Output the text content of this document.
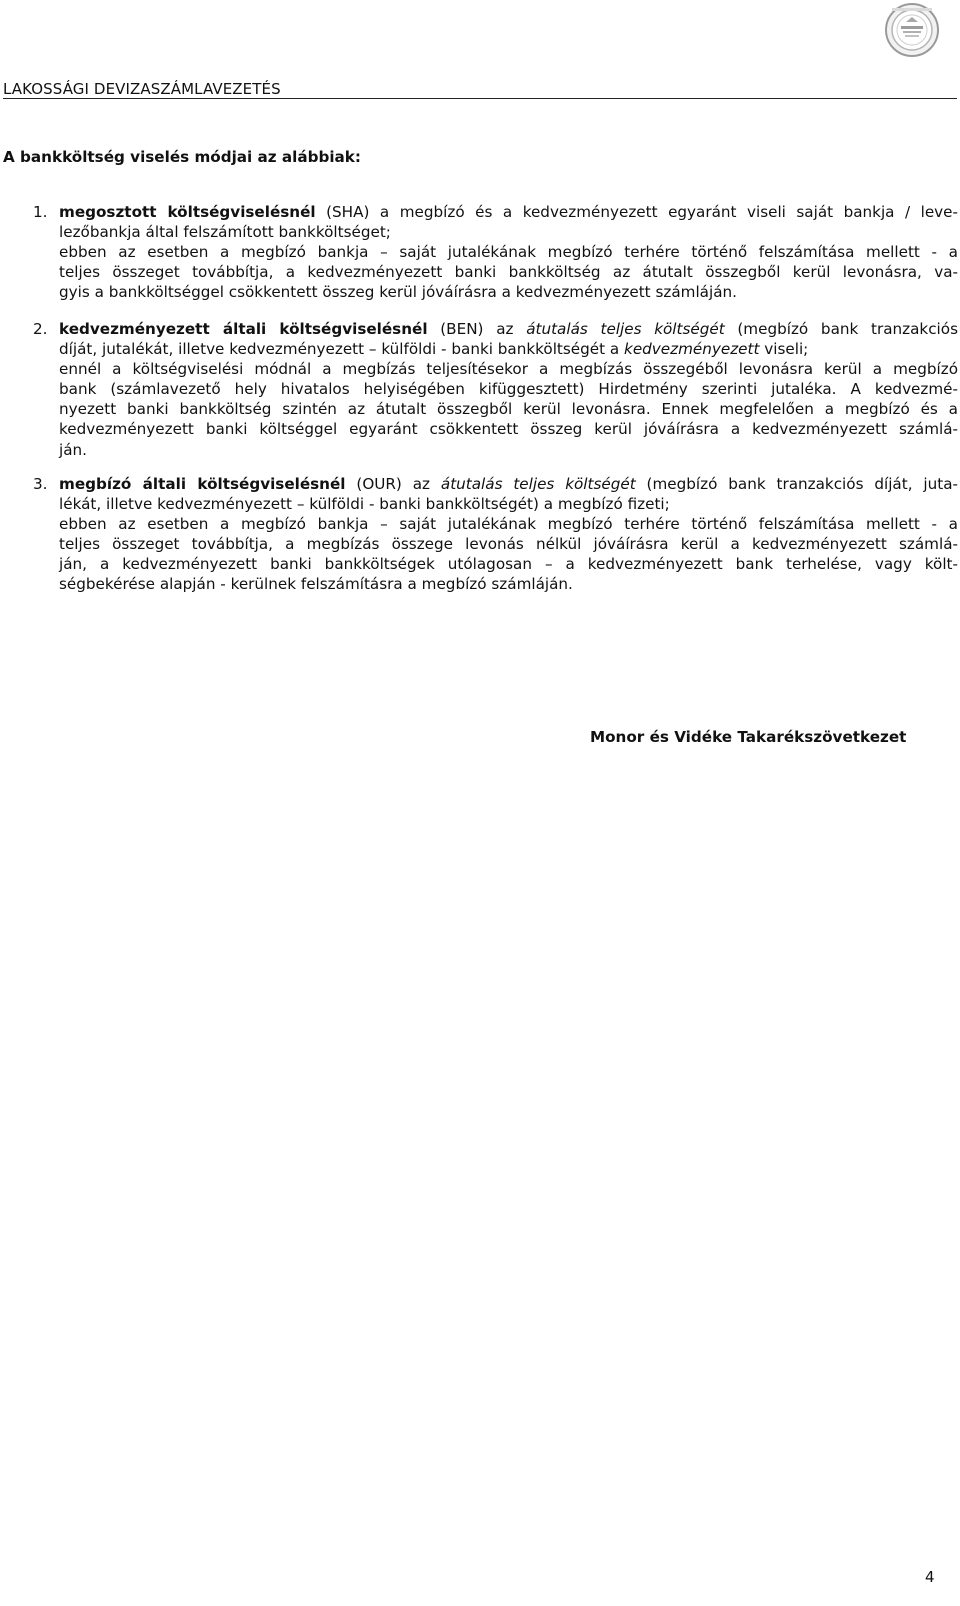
LAKOSSÁGI DEVIZASZÁMLAVEZETÉS
A bankköltség viselés módjai az alábbiak:
1. megosztott költségviselésnél (SHA) a megbízó és a kedvezményezett egyaránt viseli saját bankja / leve-
lezőbankja által felszámított bankköltséget;
ebben az esetben a megbízó bankja – saját jutalékának megbízó terhére történő felszámítása mellett - a
teljes összeget továbbítja, a kedvezményezett banki bankköltség az átutalt összegből kerül levonásra, va-
gyis a bankköltséggel csökkentett összeg kerül jóváírásra a kedvezményezett számláján.
2. kedvezményezett általi költségviselésnél (BEN) az átutalás teljes költségét (megbízó bank tranzakciós
díját, jutalékát, illetve kedvezményezett – külföldi - banki bankköltségét a kedvezményezett viseli;
ennél a költségviselési módnál a megbízás teljesítésekor a megbízás összegéből levonásra kerül a megbízó
bank (számlavezető hely hivatalos helyiségében kifüggesztett) Hirdetmény szerinti jutaléka. A kedvezmé-
nyezett banki bankköltség szintén az átutalt összegből kerül levonásra. Ennek megfelelően a megbízó és a
kedvezményezett banki költséggel egyaránt csökkentett összeg kerül jóváírásra a kedvezményezett számlá-
ján.
3. megbízó általi költségviselésnél (OUR) az átutalás teljes költségét (megbízó bank tranzakciós díját, juta-
lékát, illetve kedvezményezett – külföldi - banki bankköltségét) a megbízó fizeti;
ebben az esetben a megbízó bankja – saját jutalékának megbízó terhére történő felszámítása mellett - a
teljes összeget továbbítja, a megbízás összege levonás nélkül jóváírásra kerül a kedvezményezett számlá-
ján, a kedvezményezett banki bankköltségek utólagosan – a kedvezményezett bank terhelése, vagy költ-
ségbekérése alapján - kerülnek felszámításra a megbízó számláján.
Monor és Vidéke Takarékszövetkezet
4
